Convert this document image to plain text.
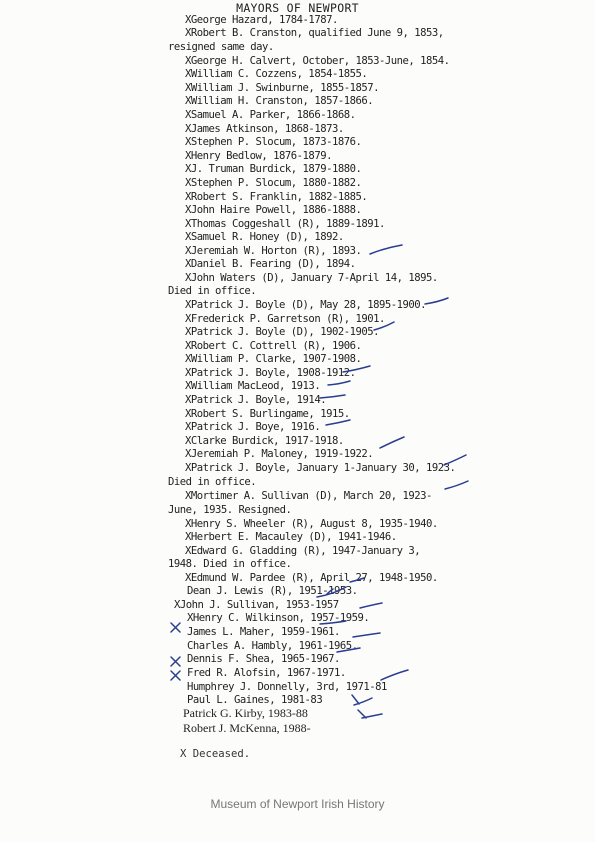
MAYORS OF NEWPORT
XGeorge Hazard, 1784-1787.
XRobert B. Cranston, qualified June 9, 1853,
resigned same day.
XGeorge H. Calvert, October, 1853-June, 1854.
XWilliam C. Cozzens, 1854-1855.
XWilliam J. Swinburne, 1855-1857.
XWilliam H. Cranston, 1857-1866.
XSamuel A. Parker, 1866-1868.
XJames Atkinson, 1868-1873.
XStephen P. Slocum, 1873-1876.
XHenry Bedlow, 1876-1879.
XJ. Truman Burdick, 1879-1880.
XStephen P. Slocum, 1880-1882.
XRobert S. Franklin, 1882-1885.
XJohn Haire Powell, 1886-1888.
XThomas Coggeshall (R), 1889-1891.
XSamuel R. Honey (D), 1892.
XJeremiah W. Horton (R), 1893.
XDaniel B. Fearing (D), 1894.
XJohn Waters (D), January 7-April 14, 1895.
Died in office.
XPatrick J. Boyle (D), May 28, 1895-1900.
XFrederick P. Garretson (R), 1901.
XPatrick J. Boyle (D), 1902-1905.
XRobert C. Cottrell (R), 1906.
XWilliam P. Clarke, 1907-1908.
XPatrick J. Boyle, 1908-1912.
XWilliam MacLeod, 1913.
XPatrick J. Boyle, 1914.
XRobert S. Burlingame, 1915.
XPatrick J. Boye, 1916.
XClarke Burdick, 1917-1918.
XJeremiah P. Maloney, 1919-1922.
XPatrick J. Boyle, January 1-January 30, 1923.
Died in office.
XMortimer A. Sullivan (D), March 20, 1923-
June, 1935. Resigned.
XHenry S. Wheeler (R), August 8, 1935-1940.
XHerbert E. Macauley (D), 1941-1946.
XEdward G. Gladding (R), 1947-January 3,
1948. Died in office.
XEdmund W. Pardee (R), April 27, 1948-1950.
Dean J. Lewis (R), 1951-1953.
XJohn J. Sullivan, 1953-1957
XHenry C. Wilkinson, 1957-1959.
James L. Maher, 1959-1961.
Charles A. Hambly, 1961-1965.
Dennis F. Shea, 1965-1967.
Fred R. Alofsin, 1967-1971.
Humphrey J. Donnelly, 3rd, 1971-81
Paul L. Gaines, 1981-83
Patrick G. Kirby, 1983-88
Robert J. McKenna, 1988-
X Deceased.
Museum of Newport Irish History
